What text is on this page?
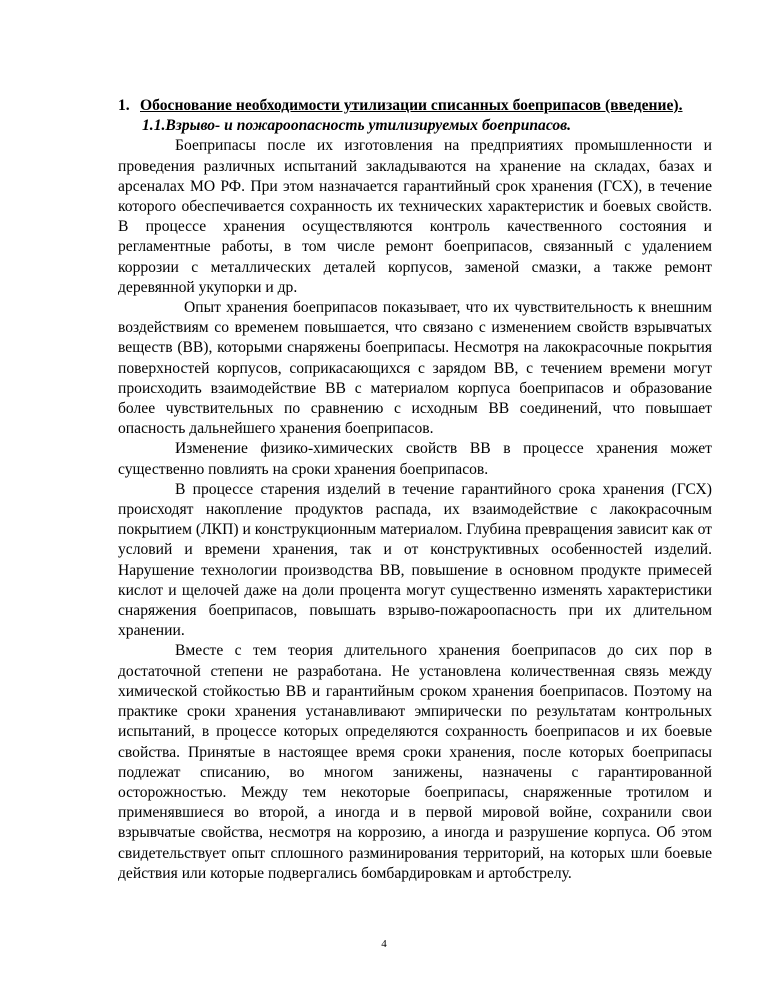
1. Обоснование необходимости утилизации списанных боеприпасов (введение).

1.1.Взрыво- и пожароопасность утилизируемых боеприпасов.

Боеприпасы после их изготовления на предприятиях промышленности и проведения различных испытаний закладываются на хранение на складах, базах и арсеналах МО РФ. При этом назначается гарантийный срок хранения (ГСХ), в течение которого обеспечивается сохранность их технических характеристик и боевых свойств. В процессе хранения осуществляются контроль качественного состояния и регламентные работы, в том числе ремонт боеприпасов, связанный с удалением коррозии с металлических деталей корпусов, заменой смазки, а также ремонт деревянной укупорки и др.

Опыт хранения боеприпасов показывает, что их чувствительность к внешним воздействиям со временем повышается, что связано с изменением свойств взрывчатых веществ (ВВ), которыми снаряжены боеприпасы. Несмотря на лакокрасочные покрытия поверхностей корпусов, соприкасающихся с зарядом ВВ, с течением времени могут происходить взаимодействие ВВ с материалом корпуса боеприпасов и образование более чувствительных по сравнению с исходным ВВ соединений, что повышает опасность дальнейшего хранения боеприпасов.

Изменение физико-химических свойств ВВ в процессе хранения может существенно повлиять на сроки хранения боеприпасов.

В процессе старения изделий в течение гарантийного срока хранения (ГСХ) происходят накопление продуктов распада, их взаимодействие с лакокрасочным покрытием (ЛКП) и конструкционным материалом. Глубина превращения зависит как от условий и времени хранения, так и от конструктивных особенностей изделий. Нарушение технологии производства ВВ, повышение в основном продукте примесей кислот и щелочей даже на доли процента могут существенно изменять характеристики снаряжения боеприпасов, повышать взрыво-пожароопасность при их длительном хранении.

Вместе с тем теория длительного хранения боеприпасов до сих пор в достаточной степени не разработана. Не установлена количественная связь между химической стойкостью ВВ и гарантийным сроком хранения боеприпасов. Поэтому на практике сроки хранения устанавливают эмпирически по результатам контрольных испытаний, в процессе которых определяются сохранность боеприпасов и их боевые свойства. Принятые в настоящее время сроки хранения, после которых боеприпасы подлежат списанию, во многом занижены, назначены с гарантированной осторожностью. Между тем некоторые боеприпасы, снаряженные тротилом и применявшиеся во второй, а иногда и в первой мировой войне, сохранили свои взрывчатые свойства, несмотря на коррозию, а иногда и разрушение корпуса. Об этом свидетельствует опыт сплошного разминирования территорий, на которых шли боевые действия или которые подвергались бомбардировкам и артобстрелу.

4
